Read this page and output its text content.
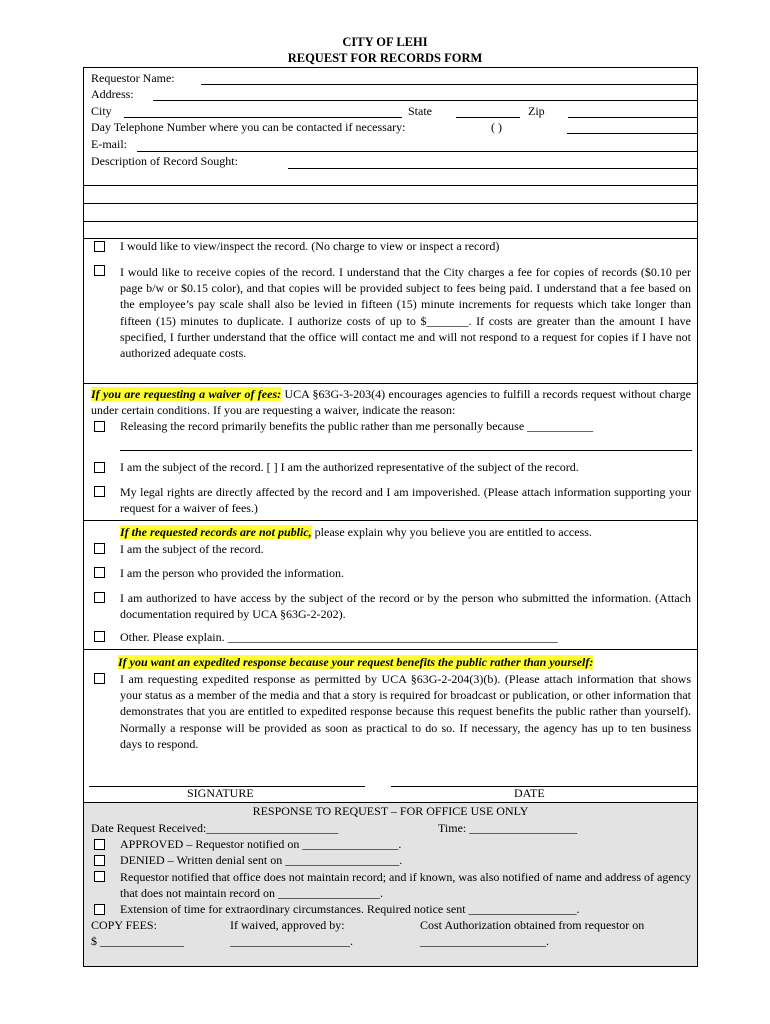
CITY OF LEHI
REQUEST FOR RECORDS FORM
Requestor Name:
Address:
City	State	Zip
Day Telephone Number where you can be contacted if necessary:	( )
E-mail:
Description of Record Sought:
I would like to view/inspect the record. (No charge to view or inspect a record)
I would like to receive copies of the record. I understand that the City charges a fee for copies of records ($0.10 per page b/w or $0.15 color), and that copies will be provided subject to fees being paid. I understand that a fee based on the employee’s pay scale shall also be levied in fifteen (15) minute increments for requests which take longer than fifteen (15) minutes to duplicate. I authorize costs of up to $_______. If costs are greater than the amount I have specified, I further understand that the office will contact me and will not respond to a request for copies if I have not authorized adequate costs.
If you are requesting a waiver of fees: UCA §63G-3-203(4) encourages agencies to fulfill a records request without charge under certain conditions. If you are requesting a waiver, indicate the reason:
Releasing the record primarily benefits the public rather than me personally because ___________
I am the subject of the record. [ ] I am the authorized representative of the subject of the record.
My legal rights are directly affected by the record and I am impoverished. (Please attach information supporting your request for a waiver of fees.)
If the requested records are not public, please explain why you believe you are entitled to access.
I am the subject of the record.
I am the person who provided the information.
I am authorized to have access by the subject of the record or by the person who submitted the information. (Attach documentation required by UCA §63G-2-202).
Other. Please explain. _______________________________________________________
If you want an expedited response because your request benefits the public rather than yourself:
I am requesting expedited response as permitted by UCA §63G-2-204(3)(b). (Please attach information that shows your status as a member of the media and that a story is required for broadcast or publication, or other information that demonstrates that you are entitled to expedited response because this request benefits the public rather than yourself). Normally a response will be provided as soon as practical to do so. If necessary, the agency has up to ten business days to respond.
SIGNATURE	DATE
RESPONSE TO REQUEST – FOR OFFICE USE ONLY
Date Request Received:______________________	Time: __________________
APPROVED – Requestor notified on ________________.
DENIED – Written denial sent on ___________________.
Requestor notified that office does not maintain record; and if known, was also notified of name and address of agency that does not maintain record on _________________.
Extension of time for extraordinary circumstances. Required notice sent __________________.
COPY FEES:
$ ______________
If waived, approved by:
____________________.
Cost Authorization obtained from requestor on
_____________________.
